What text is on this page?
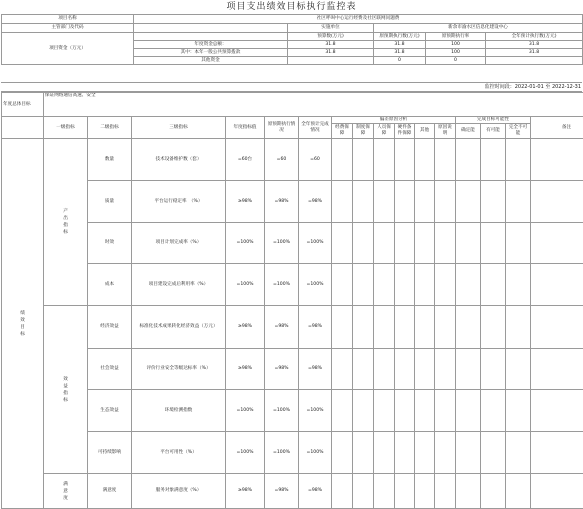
项目支出绩效目标执行监控表
项目名称	社区呼叫中心运行经费及社区联网问题费				
主管部门及代码		实施单位	新余市渝水区信息化建设中心		
项目资金（万元）		预算数(万元)	原预期执行数(万元)	原预期执行率	全年预计执行数(万元)
	年度资金总额：	31.8	31.8	100	31.8
	其中：本年一般公共预算拨款	31.8	31.8	100	31.8
	其他资金		0	0	
监控时间段：2022-01-01 至 2022-12-31
年度总体目标	保证网络通信高速、安全															
	一级指标	二级指标	三级指标	年度指标值	原预期执行情况	全年预计完成情况	偏差原因分析						完成目标可能性			备注
							经费保障	制度保障	人员保障	硬件条件保障	其他	原因说明	确定能	有可能	完全不可能	

绩效目标	产出指标	数量	技术设备维护数（套）	=60台	=60	=60										
		质量	平台运行稳定率　（%）	≥98%	=98%	=98%										
		时效	项目计划完成率（%）	=100%	=100%	=100%										
		成本	项目建设完成后利用率（%）	=100%	=100%	=100%										
	效益指标	经济效益	标准化技术成果转化经济效益（万元）	≥98%	=98%	=98%										
		社会效益	评价行业安全等级达标率（%）	≥98%	=98%	=98%										
		生态效益	环境检测指数	=100%	=100%	=100%										
		可持续影响	平台可用性（%）	=100%	=100%	=100%										
	满意度	满意度	服务对象满意度（%）	≥98%	=98%	=98%										
